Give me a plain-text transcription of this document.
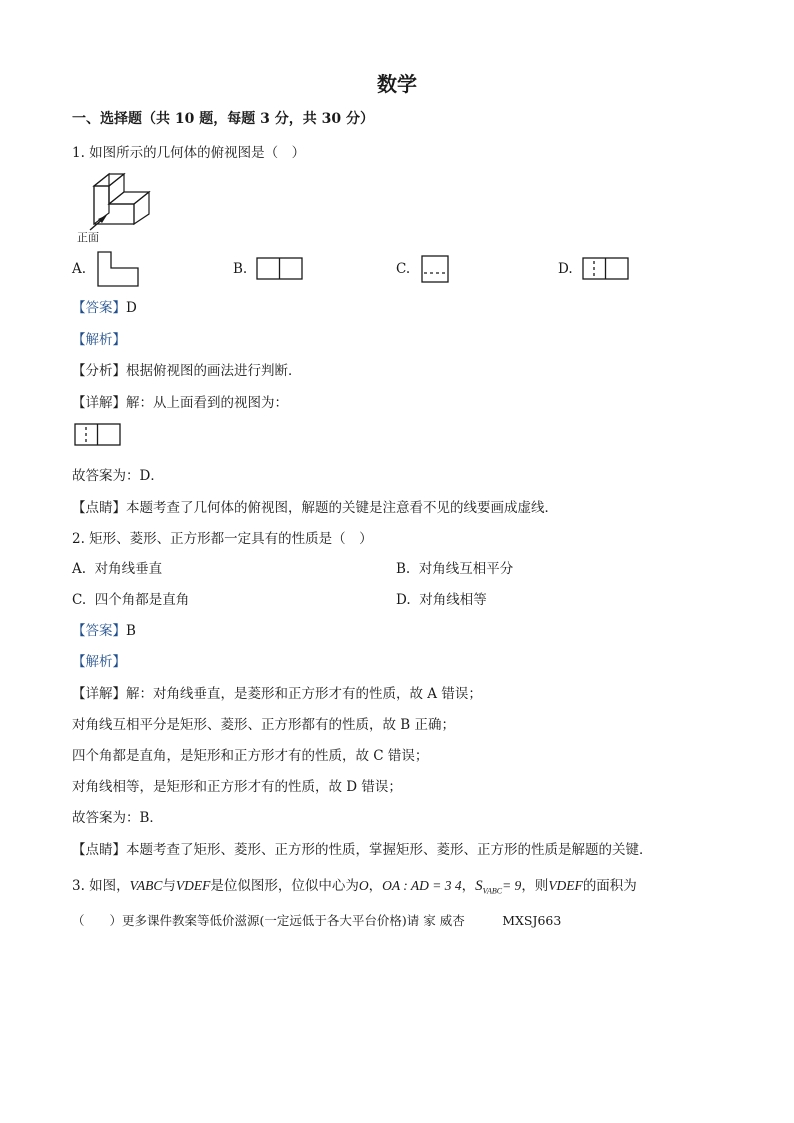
数学
一、选择题（共 10 题，每题 3 分，共 30 分）
1. 如图所示的几何体的俯视图是（　）
正面
A.	B.	C.	D.
【答案】D
【解析】
【分析】根据俯视图的画法进行判断．
【详解】解：从上面看到的视图为：
故答案为：D．
【点睛】本题考查了几何体的俯视图，解题的关键是注意看不见的线要画成虚线．
2. 矩形、菱形、正方形都一定具有的性质是（　）
A. 对角线垂直	B. 对角线互相平分
C. 四个角都是直角	D. 对角线相等
【答案】B
【解析】
【详解】解：对角线垂直，是菱形和正方形才有的性质，故 A 错误；
对角线互相平分是矩形、菱形、正方形都有的性质，故 B 正确；
四个角都是直角，是矩形和正方形才有的性质，故 C 错误；
对角线相等，是矩形和正方形才有的性质，故 D 错误；
故答案为：B．
【点睛】本题考查了矩形、菱形、正方形的性质，掌握矩形、菱形、正方形的性质是解题的关键．
3. 如图，VABC与VDEF是位似图形，位似中心为O，OA : AD = 3 4，$S_{VABC}= 9$，则VDEF的面积为
（　　）更多课件教案等低价滋源(一定远低于各大平台价格)请 家 威杏　　　MXSJ663
